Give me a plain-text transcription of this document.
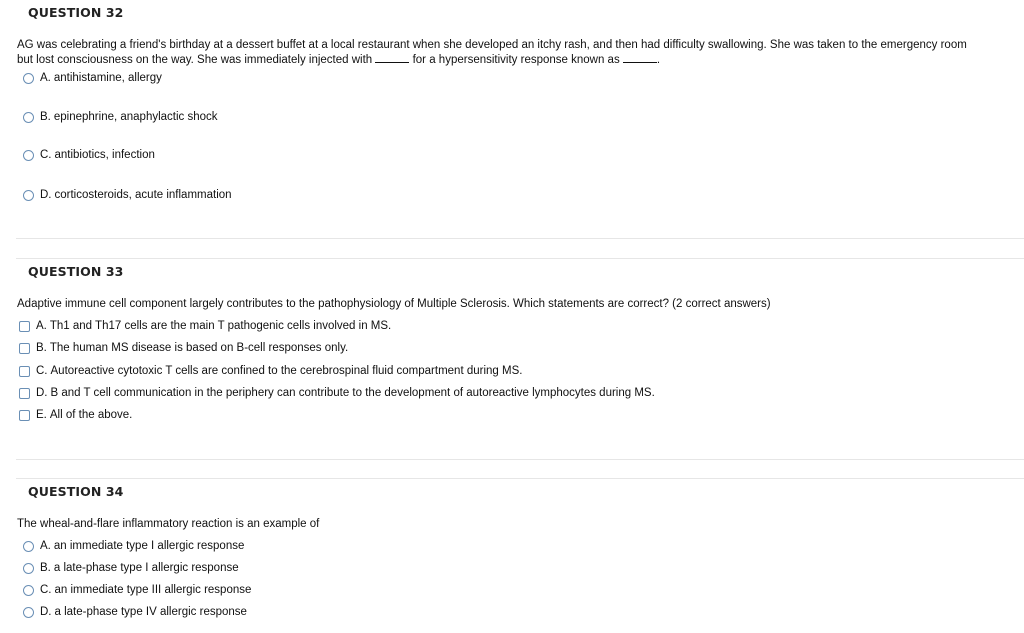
QUESTION 32
AG was celebrating a friend's birthday at a dessert buffet at a local restaurant when she developed an itchy rash, and then had difficulty swallowing. She was taken to the emergency room
but lost consciousness on the way. She was immediately injected with	for a hypersensitivity response known as	.
A. antihistamine, allergy
B. epinephrine, anaphylactic shock
C. antibiotics, infection
D. corticosteroids, acute inflammation
QUESTION 33
Adaptive immune cell component largely contributes to the pathophysiology of Multiple Sclerosis. Which statements are correct? (2 correct answers)
A. Th1 and Th17 cells are the main T pathogenic cells involved in MS.
B. The human MS disease is based on B-cell responses only.
C. Autoreactive cytotoxic T cells are confined to the cerebrospinal fluid compartment during MS.
D. B and T cell communication in the periphery can contribute to the development of autoreactive lymphocytes during MS.
E. All of the above.
QUESTION 34
The wheal-and-flare inflammatory reaction is an example of
A. an immediate type I allergic response
B. a late-phase type I allergic response
C. an immediate type III allergic response
D. a late-phase type IV allergic response
